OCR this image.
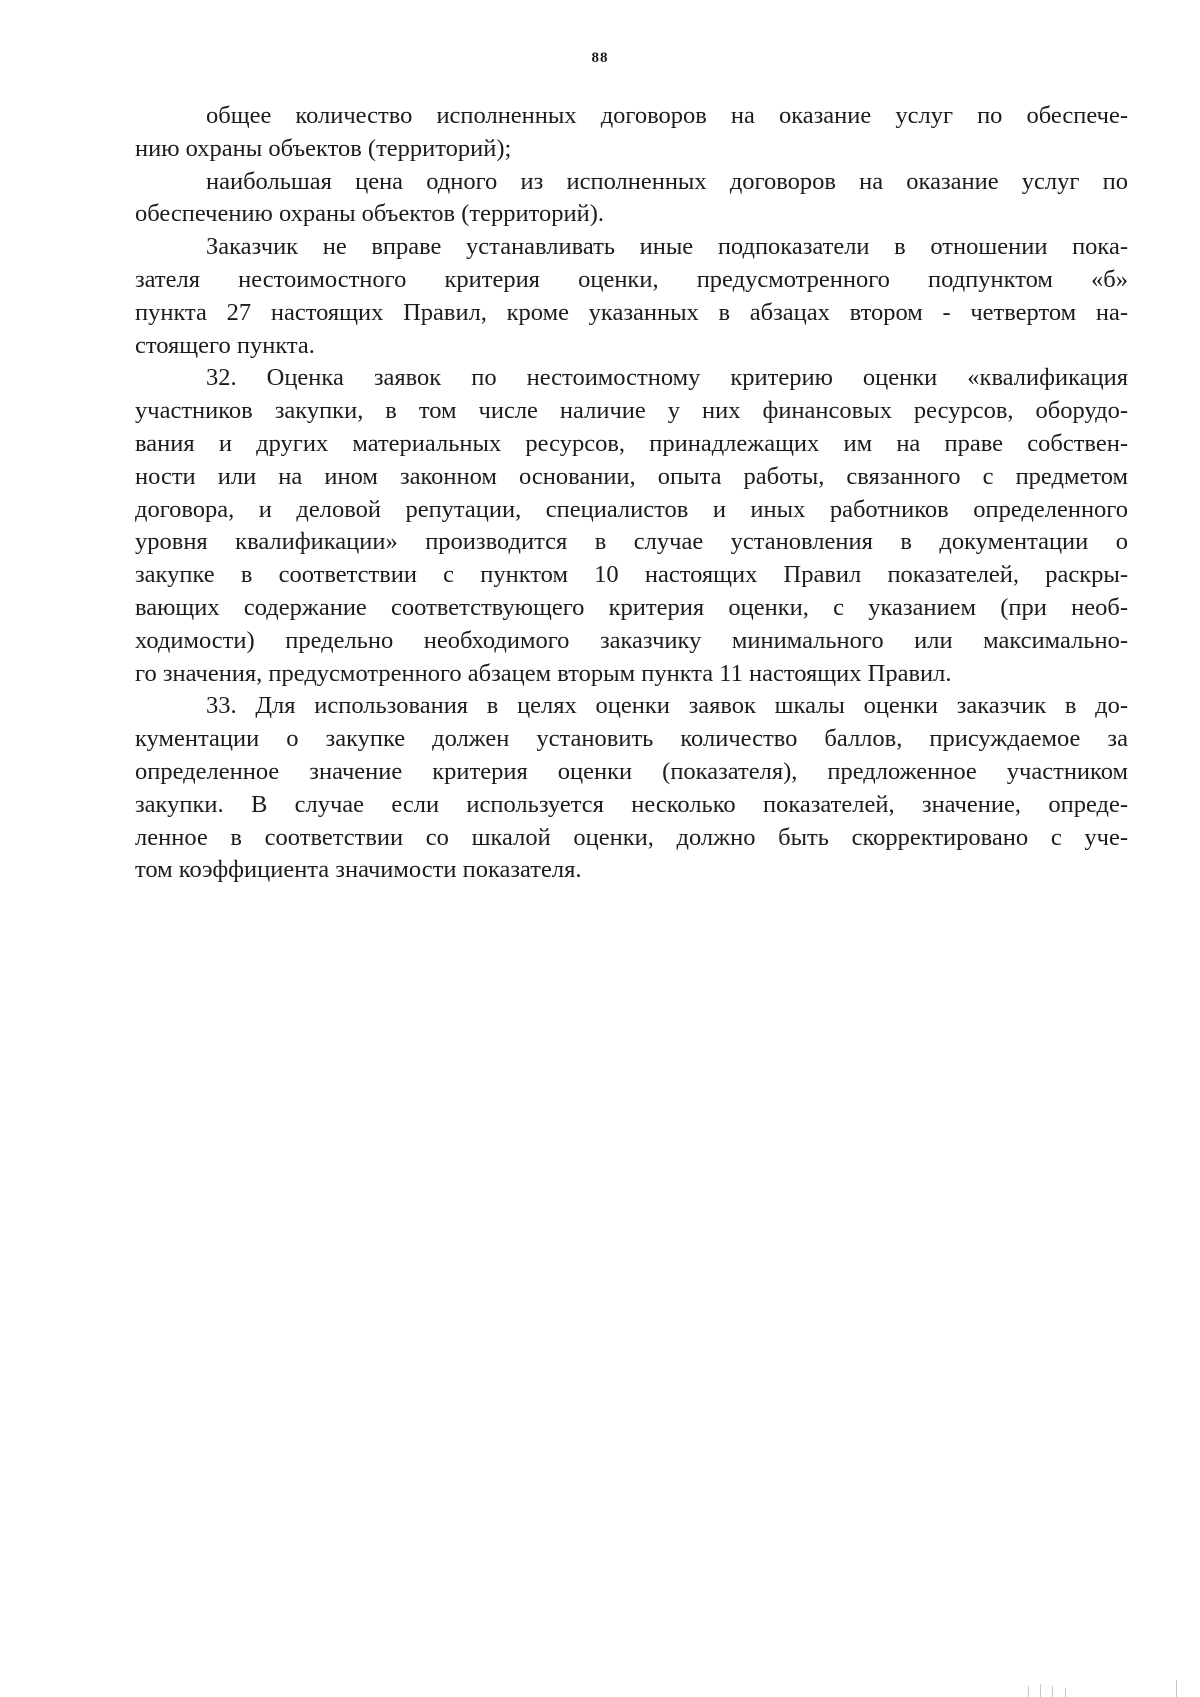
88

общее количество исполненных договоров на оказание услуг по обеспече-
нию охраны объектов (территорий);

наибольшая цена одного из исполненных договоров на оказание услуг по
обеспечению охраны объектов (территорий).

Заказчик не вправе устанавливать иные подпоказатели в отношении пока-
зателя нестоимостного критерия оценки, предусмотренного подпунктом «б»
пункта 27 настоящих Правил, кроме указанных в абзацах втором - четвертом на-
стоящего пункта.

32. Оценка заявок по нестоимостному критерию оценки «квалификация
участников закупки, в том числе наличие у них финансовых ресурсов, оборудо-
вания и других материальных ресурсов, принадлежащих им на праве собствен-
ности или на ином законном основании, опыта работы, связанного с предметом
договора, и деловой репутации, специалистов и иных работников определенного
уровня квалификации» производится в случае установления в документации о
закупке в соответствии с пунктом 10 настоящих Правил показателей, раскры-
вающих содержание соответствующего критерия оценки, с указанием (при необ-
ходимости) предельно необходимого заказчику минимального или максимально-
го значения, предусмотренного абзацем вторым пункта 11 настоящих Правил.

33. Для использования в целях оценки заявок шкалы оценки заказчик в до-
кументации о закупке должен установить количество баллов, присуждаемое за
определенное значение критерия оценки (показателя), предложенное участником
закупки. В случае если используется несколько показателей, значение, опреде-
ленное в соответствии со шкалой оценки, должно быть скорректировано с уче-
том коэффициента значимости показателя.
